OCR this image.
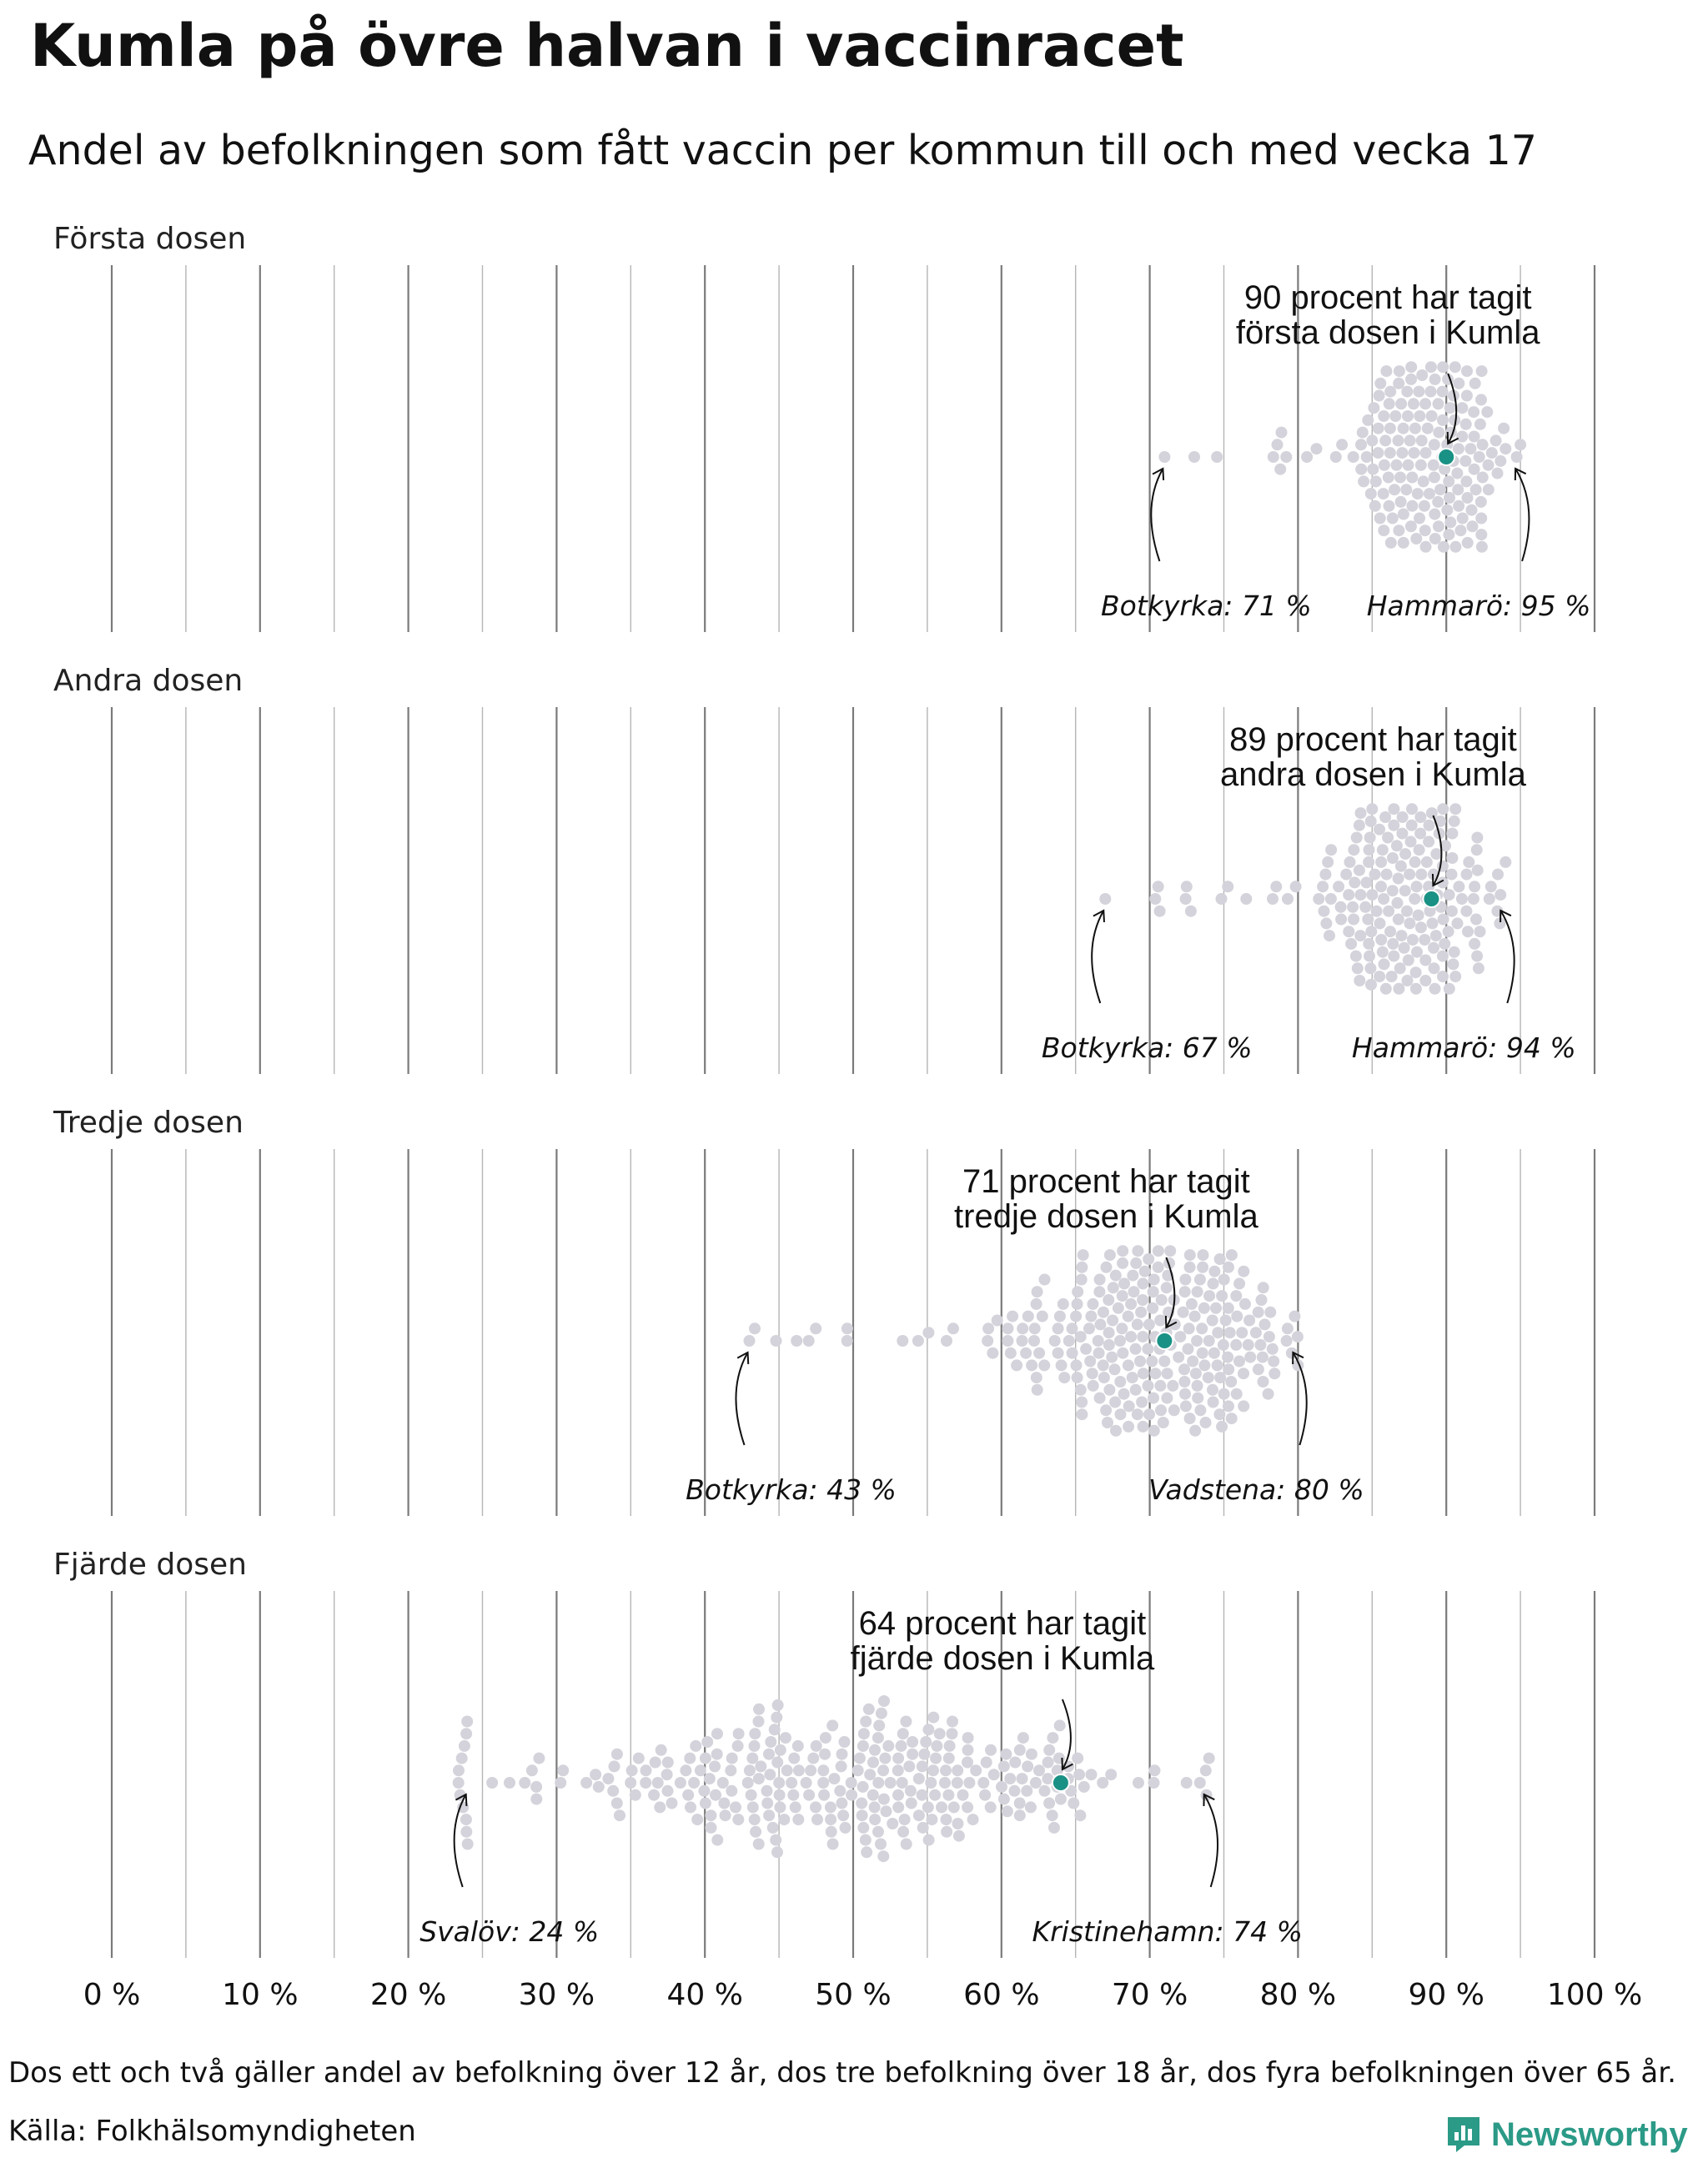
Kumla på övre halvan i vaccinracet
Andel av befolkningen som fått vaccin per kommun till och med vecka 17
Första dosen
90 procent har tagit
första dosen i Kumla
Botkyrka: 71 % Hammarö: 95 %
Andra dosen
89 procent har tagit
andra dosen i Kumla
Botkyrka: 67 %	Hammarö: 94 %
Tredje dosen
71 procent har tagit
tredje dosen i Kumla
Botkyrka: 43 %	Vadstena: 80 %
Fjärde dosen
64 procent har tagit
fjärde dosen i Kumla
Svalöv: 24 %	Kristinehamn: 74 %
0 %	10 % 20 % 30 % 40 % 50 % 60 % 70 % 80 % 90 % 100 %
Dos ett och två gäller andel av befolkning över 12 år, dos tre befolkning över 18 år, dos fyra befolkningen över 65 år.
Källa: Folkhälsomyndigheten	Newsworthy
